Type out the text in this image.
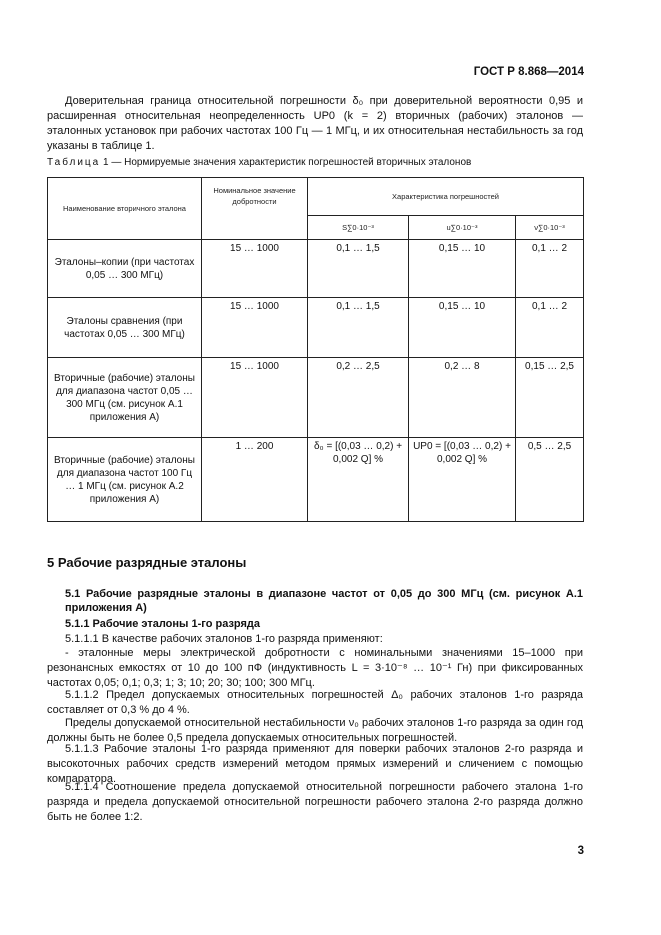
ГОСТ Р 8.868—2014

Доверительная граница относительной погрешности δ₀ при доверительной вероятности 0,95 и расширенная относительная неопределенность UР0 (k = 2) вторичных (рабочих) эталонов — эталонных установок при рабочих частотах 100 Гц — 1 МГц, и их относительная нестабильность за год указаны в таблице 1.

Таблица 1 — Нормируемые значения характеристик погрешностей вторичных эталонов
Наименование вторичного эталона	Номинальное значение добротности	Характеристика погрешностей		
		S∑0·10⁻³	u∑0·10⁻³	ν∑0·10⁻³
Эталоны–копии (при частотах 0,05 … 300 МГц)	15 … 1000	0,1 … 1,5	0,15 … 10	0,1 … 2
Эталоны сравнения (при частотах 0,05 … 300 МГц)	15 … 1000	0,1 … 1,5	0,15 … 10	0,1 … 2
Вторичные (рабочие) эталоны для диапазона частот 0,05 … 300 МГц (см. рисунок А.1 приложения А)	15 … 1000	0,2 … 2,5	0,2 … 8	0,15 … 2,5
Вторичные (рабочие) эталоны для диапазона частот 100 Гц … 1 МГц (см. рисунок А.2 приложения А)	1 … 200	δ₀ = [(0,03 … 0,2) + 0,002 Q] %	UР0 = [(0,03 … 0,2) + 0,002 Q] %	0,5 … 2,5
5 Рабочие разрядные эталоны
5.1 Рабочие разрядные эталоны в диапазоне частот от 0,05 до 300 МГц (см. рисунок А.1 приложения А)
5.1.1 Рабочие эталоны 1-го разряда

5.1.1.1 В качестве рабочих эталонов 1-го разряда применяют:

- эталонные меры электрической добротности с номинальными значениями 15–1000 при резонансных емкостях от 10 до 100 пФ (индуктивность L = 3·10⁻⁸ … 10⁻¹ Гн) при фиксированных частотах 0,05; 0,1; 0,3; 1; 3; 10; 20; 30; 100; 300 МГц.

5.1.1.2 Предел допускаемых относительных погрешностей Δ₀ рабочих эталонов 1-го разряда составляет от 0,3 % до 4 %.

Пределы допускаемой относительной нестабильности ν₀ рабочих эталонов 1-го разряда за один год должны быть не более 0,5 предела допускаемых относительных погрешностей.

5.1.1.3 Рабочие эталоны 1-го разряда применяют для поверки рабочих эталонов 2-го разряда и высокоточных рабочих средств измерений методом прямых измерений и сличением с помощью компаратора.

5.1.1.4 Соотношение предела допускаемой относительной погрешности рабочего эталона 1-го разряда и предела допускаемой относительной погрешности рабочего эталона 2-го разряда должно быть не более 1:2.

3
